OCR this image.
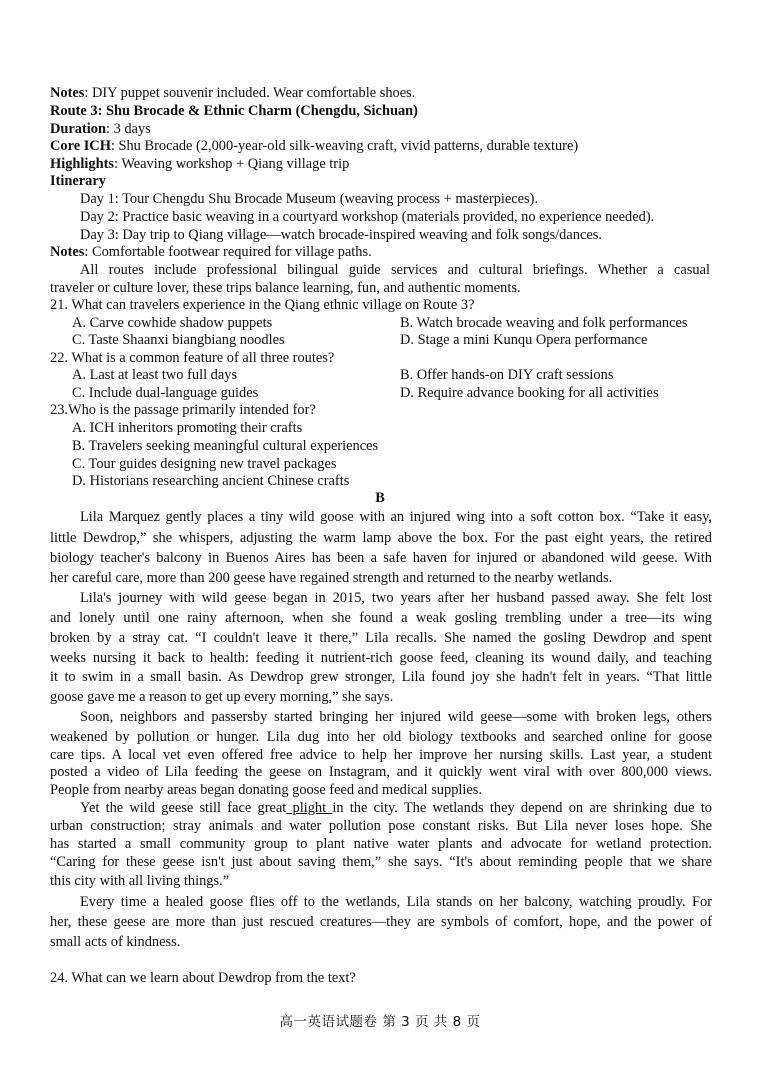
Notes: DIY puppet souvenir included. Wear comfortable shoes.
Route 3: Shu Brocade & Ethnic Charm (Chengdu, Sichuan)
Duration: 3 days
Core ICH: Shu Brocade (2,000-year-old silk-weaving craft, vivid patterns, durable texture)
Highlights: Weaving workshop + Qiang village trip
Itinerary
Day 1: Tour Chengdu Shu Brocade Museum (weaving process + masterpieces).
Day 2: Practice basic weaving in a courtyard workshop (materials provided, no experience needed).
Day 3: Day trip to Qiang village—watch brocade-inspired weaving and folk songs/dances.
Notes: Comfortable footwear required for village paths.
All routes include professional bilingual guide services and cultural briefings. Whether a casual
traveler or culture lover, these trips balance learning, fun, and authentic moments.
21. What can travelers experience in the Qiang ethnic village on Route 3?
A. Carve cowhide shadow puppets	B. Watch brocade weaving and folk performances
C. Taste Shaanxi biangbiang noodles	D. Stage a mini Kunqu Opera performance
22. What is a common feature of all three routes?
A. Last at least two full days	B. Offer hands-on DIY craft sessions
C. Include dual-language guides	D. Require advance booking for all activities
23.Who is the passage primarily intended for?
A. ICH inheritors promoting their crafts
B. Travelers seeking meaningful cultural experiences
C. Tour guides designing new travel packages
D. Historians researching ancient Chinese crafts
B
Lila Marquez gently places a tiny wild goose with an injured wing into a soft cotton box. “Take it easy,
little Dewdrop,” she whispers, adjusting the warm lamp above the box. For the past eight years, the retired
biology teacher's balcony in Buenos Aires has been a safe haven for injured or abandoned wild geese. With
her careful care, more than 200 geese have regained strength and returned to the nearby wetlands.
Lila's journey with wild geese began in 2015, two years after her husband passed away. She felt lost
and lonely until one rainy afternoon, when she found a weak gosling trembling under a tree—its wing
broken by a stray cat. “I couldn't leave it there,” Lila recalls. She named the gosling Dewdrop and spent
weeks nursing it back to health: feeding it nutrient-rich goose feed, cleaning its wound daily, and teaching
it to swim in a small basin. As Dewdrop grew stronger, Lila found joy she hadn't felt in years. “That little
goose gave me a reason to get up every morning,” she says.
Soon, neighbors and passersby started bringing her injured wild geese—some with broken legs, others
weakened by pollution or hunger. Lila dug into her old biology textbooks and searched online for goose
care tips. A local vet even offered free advice to help her improve her nursing skills. Last year, a student
posted a video of Lila feeding the geese on Instagram, and it quickly went viral with over 800,000 views.
People from nearby areas began donating goose feed and medical supplies.
Yet the wild geese still face great plight in the city. The wetlands they depend on are shrinking due to
urban construction; stray animals and water pollution pose constant risks. But Lila never loses hope. She
has started a small community group to plant native water plants and advocate for wetland protection.
“Caring for these geese isn't just about saving them,” she says. “It's about reminding people that we share
this city with all living things.”
Every time a healed goose flies off to the wetlands, Lila stands on her balcony, watching proudly. For
her, these geese are more than just rescued creatures—they are symbols of comfort, hope, and the power of
small acts of kindness.
24. What can we learn about Dewdrop from the text?
高一英语试题卷 第 3 页 共 8 页
